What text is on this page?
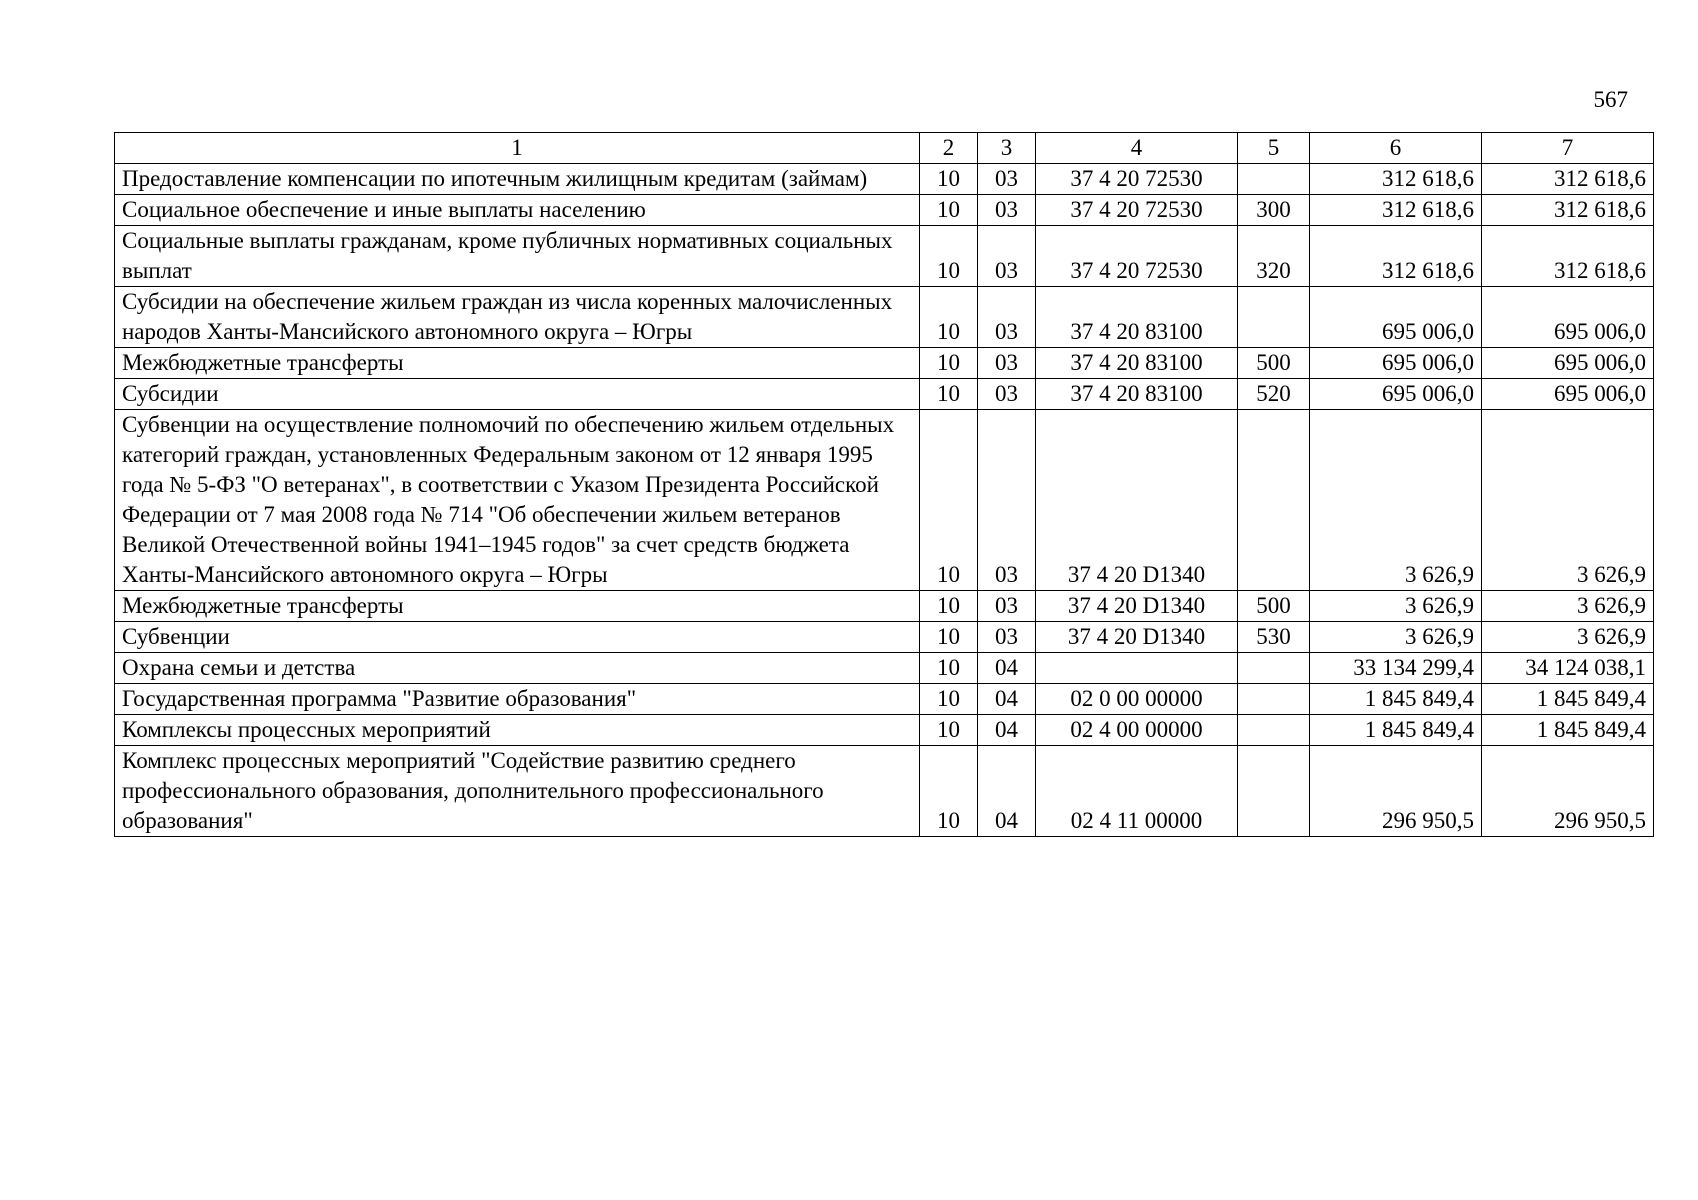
567
1	2	3	4	5	6	7
Предоставление компенсации по ипотечным жилищным кредитам (займам)	10	03	37 4 20 72530		312 618,6	312 618,6
Социальное обеспечение и иные выплаты населению	10	03	37 4 20 72530	300	312 618,6	312 618,6
Социальные выплаты гражданам, кроме публичных нормативных социальных выплат	10	03	37 4 20 72530	320	312 618,6	312 618,6
Субсидии на обеспечение жильем граждан из числа коренных малочисленных народов Ханты-Мансийского автономного округа – Югры	10	03	37 4 20 83100		695 006,0	695 006,0
Межбюджетные трансферты	10	03	37 4 20 83100	500	695 006,0	695 006,0
Субсидии	10	03	37 4 20 83100	520	695 006,0	695 006,0
Субвенции на осуществление полномочий по обеспечению жильем отдельных категорий граждан, установленных Федеральным законом от 12 января 1995 года № 5-ФЗ "О ветеранах", в соответствии с Указом Президента Российской Федерации от 7 мая 2008 года № 714 "Об обеспечении жильем ветеранов Великой Отечественной войны 1941–1945 годов" за счет средств бюджета Ханты-Мансийского автономного округа – Югры	10	03	37 4 20 D1340		3 626,9	3 626,9
Межбюджетные трансферты	10	03	37 4 20 D1340	500	3 626,9	3 626,9
Субвенции	10	03	37 4 20 D1340	530	3 626,9	3 626,9
Охрана семьи и детства	10	04			33 134 299,4	34 124 038,1
Государственная программа "Развитие образования"	10	04	02 0 00 00000		1 845 849,4	1 845 849,4
Комплексы процессных мероприятий	10	04	02 4 00 00000		1 845 849,4	1 845 849,4
Комплекс процессных мероприятий "Содействие развитию среднего профессионального образования, дополнительного профессионального образования"	10	04	02 4 11 00000		296 950,5	296 950,5
